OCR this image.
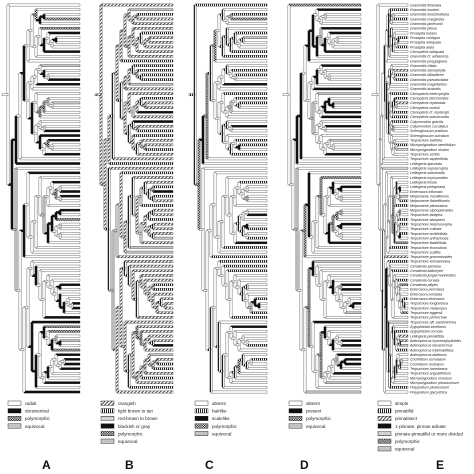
Grammitis fimbriata
Grammitis hookeri
Grammitis knutsfordiana
Grammitis marginella
Grammitis jamesonii
Grammitis pilosa
Prosaptia nutans
Prosaptia contigua
Prosaptia obliquata
Prosaptia alata
Ctenopteris obliquata
Grammitis cf. arfakensis
Grammitis poeppigiana
Grammitis ciliata
Grammitis stenophylla
Grammitis billardierei
Grammitis pseudociliata
Grammitis magellanica
Grammitis australis
Ctenopteris heterophylla
Ctenopteris blechnoides
Ctenopteris repandula
Ctenopteris curtisii
Ctenopteris cf. mjobergii
Ctenopteris subsecunda
Calymmodon gracilis
Calymmodon cucullatus
Scleroglossum pusillum
Scleroglossum sulcatum
Terpsichore taxifolia
Micropolypodium taenifolium
Micropolypodium okuboi
Terpsichore senilis
Terpsichore asplenifolia
Lellingeria apiculata
Lellingeria suprasculpta
Lellingeria subsessilis
Lellingeria myosuroides
Lellingeria limula
Lellingeria phlegmaria
Enterosora trifurcata
Melpomene moniliformis
Melpomene flabelliformis
Melpomene pilosissima
Melpomene xiphopteroides
Terpsichore lanigera
Terpsichore alsopteris
Terpsichore heteromorpha
Terpsichore cultrata
Terpsichore achilleifolia
Terpsichore anfractuosa
Terpsichore flabellifolia
Terpsichore leucosticta
Terpsichore subtilis
Terpsichore gramminoides
Terpsichore lehmanniana
Ceradenia spixiana
Ceradenia kalbreyeri
Ceradenia jungermannioides
Ceradenia curvata
Ceradenia pilipes
Enterosora percrassa
Enterosora ecostata
Enterosora trichosora
Terpsichore longisetosa
Terpsichore melanopus
Terpsichore eggersii
Terpsichore pichinchae
Terpsichore aff. xanthotrichia
Zygophlebia sectifrons
Zygophlebia cornuta
Lellingeria pinnatifida
Adenophorus hymenophylloides
Adenophorus tamariscinus
Adenophorus tripinnatifidus
Adenophorus abietinus
Cochlidium serrulatum
Cochlidium rostratum
Terpsichore hanekeana
Terpsichore angustifolium
Micropolypodium minutum
Micropolypodium pilosissimum
Polypodium plesiosorum
Polypodium glycyrrhiza
radial
dorsiventral
polymorphic
equivocal
orangish
light brown to tan
red-brown to brown
blackish or gray
polymorphic
equivocal
absent
hairlike
scalelike
polymorphic
equivocal
absent
present
polymorphic
equivocal
simple
pinnatifid
pinnatisect
1-pinnate, pinnae adnate
pinnate-pinnatifid or more divided
polymorphic
equivocal
A	B	C	D	E
